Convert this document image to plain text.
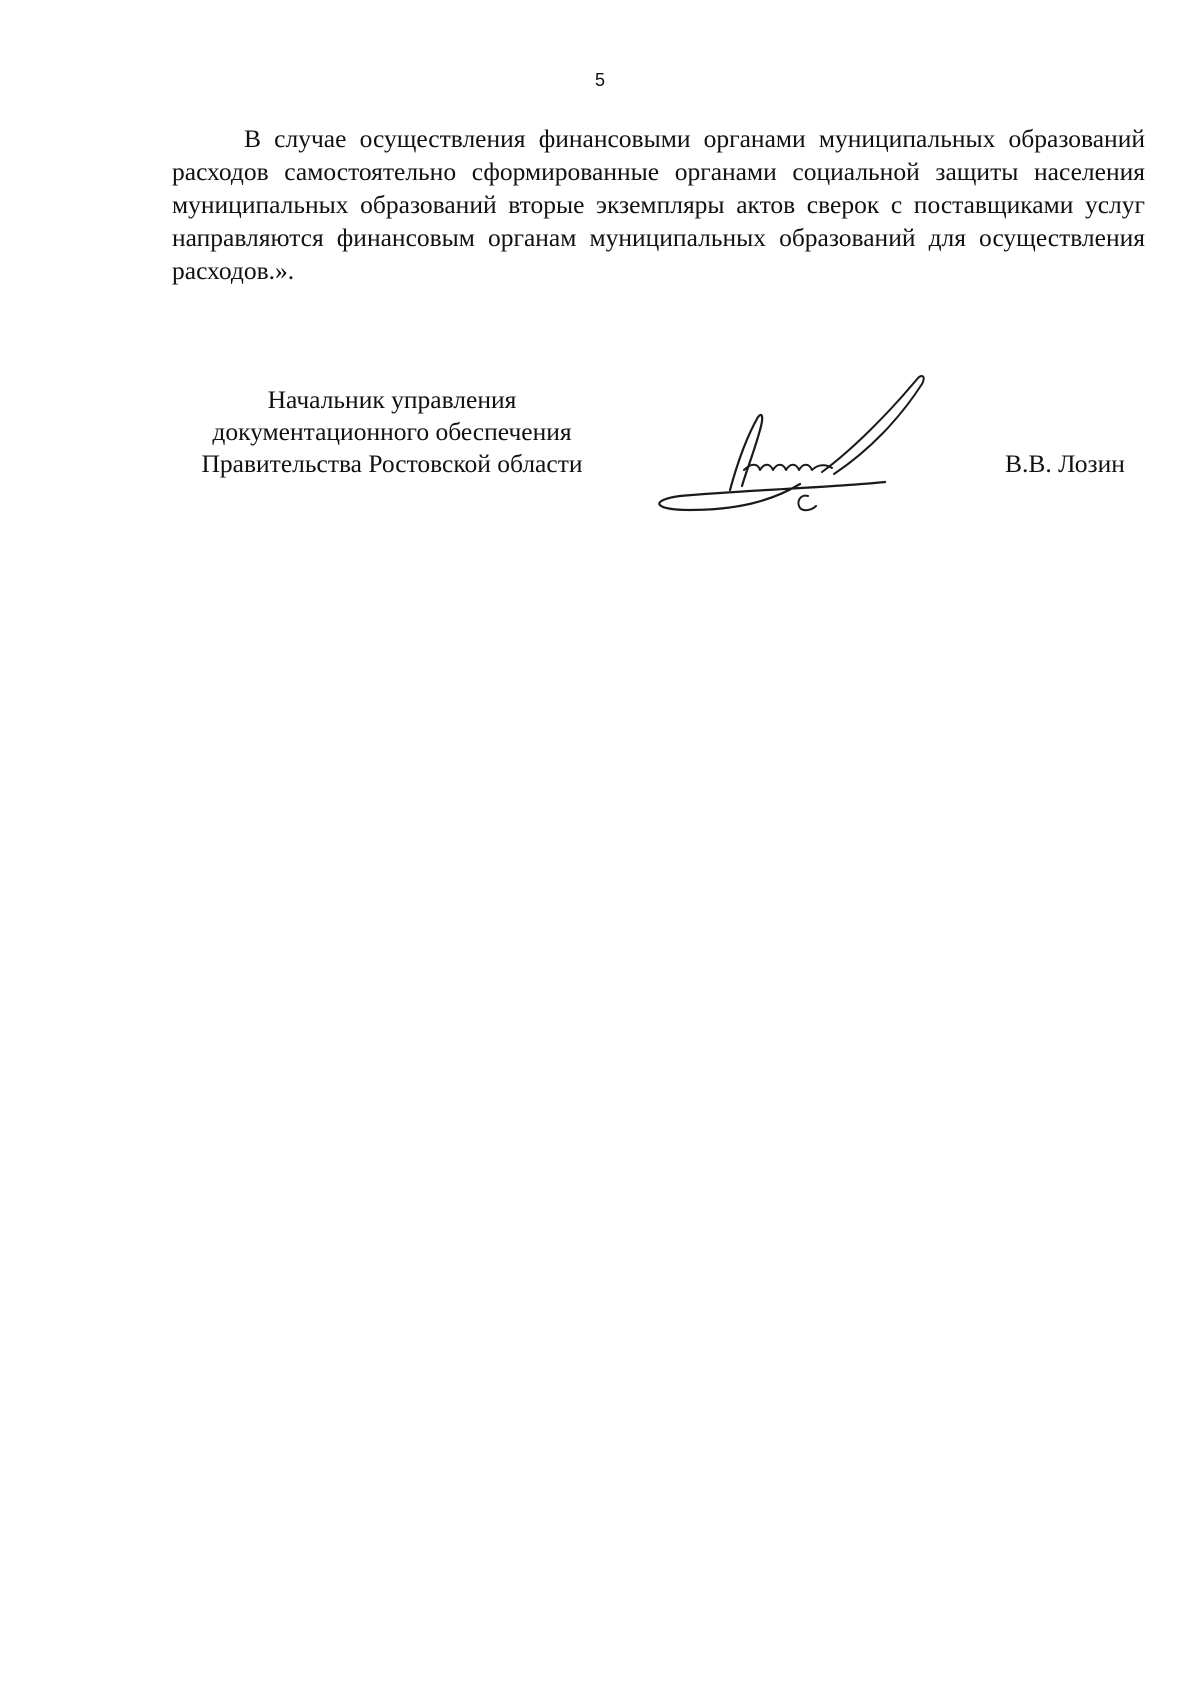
5

В случае осуществления финансовыми органами муниципальных образований расходов самостоятельно сформированные органами социальной защиты населения муниципальных образований вторые экземпляры актов сверок с поставщиками услуг направляются финансовым органам муниципальных образований для осуществления расходов.».

Начальник управления
документационного обеспечения
Правительства Ростовской области	В.В. Лозин
